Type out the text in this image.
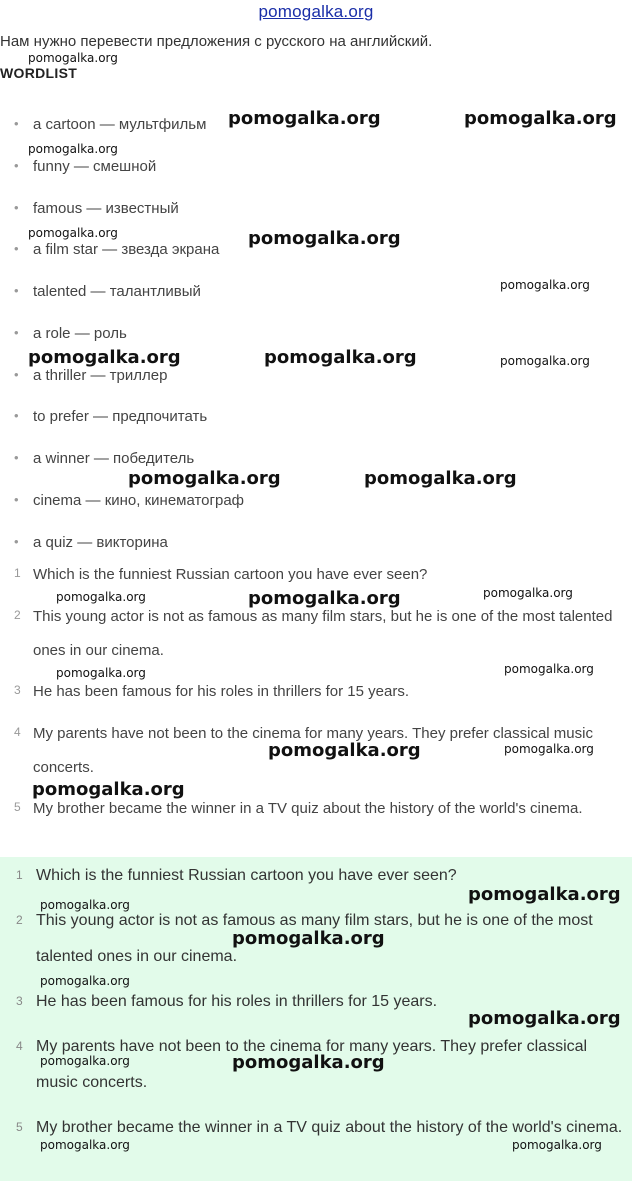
pomogalka.org
Нам нужно перевести предложения с русского на английский.
WORDLIST
• a cartoon — мультфильм
• funny — смешной
• famous — известный
• a film star — звезда экрана
• talented — талантливый
• a role — роль
• a thriller — триллер
• to prefer — предпочитать
• a winner — победитель
• cinema — кино, кинематограф
• a quiz — викторина
1 Which is the funniest Russian cartoon you have ever seen?
2 This young actor is not as famous as many film stars, but he is one of the most talented ones in our cinema.
3 He has been famous for his roles in thrillers for 15 years.
4 My parents have not been to the cinema for many years. They prefer classical music concerts.
5 My brother became the winner in a TV quiz about the history of the world's cinema.
1 Which is the funniest Russian cartoon you have ever seen?
2 This young actor is not as famous as many film stars, but he is one of the most talented ones in our cinema.
3 He has been famous for his roles in thrillers for 15 years.
4 My parents have not been to the cinema for many years. They prefer classical music concerts.
5 My brother became the winner in a TV quiz about the history of the world's cinema.
pomogalka.org
pomogalka.org	pomogalka.org
pomogalka.org
pomogalka.org	pomogalka.org
pomogalka.org
pomogalka.org	pomogalka.org	pomogalka.org
pomogalka.org	pomogalka.org
pomogalka.org
pomogalka.org	pomogalka.org
pomogalka.org	pomogalka.org
pomogalka.org	pomogalka.org
pomogalka.org
pomogalka.org
pomogalka.org
pomogalka.org
pomogalka.org
pomogalka.org
pomogalka.org	pomogalka.org
pomogalka.org	pomogalka.org
